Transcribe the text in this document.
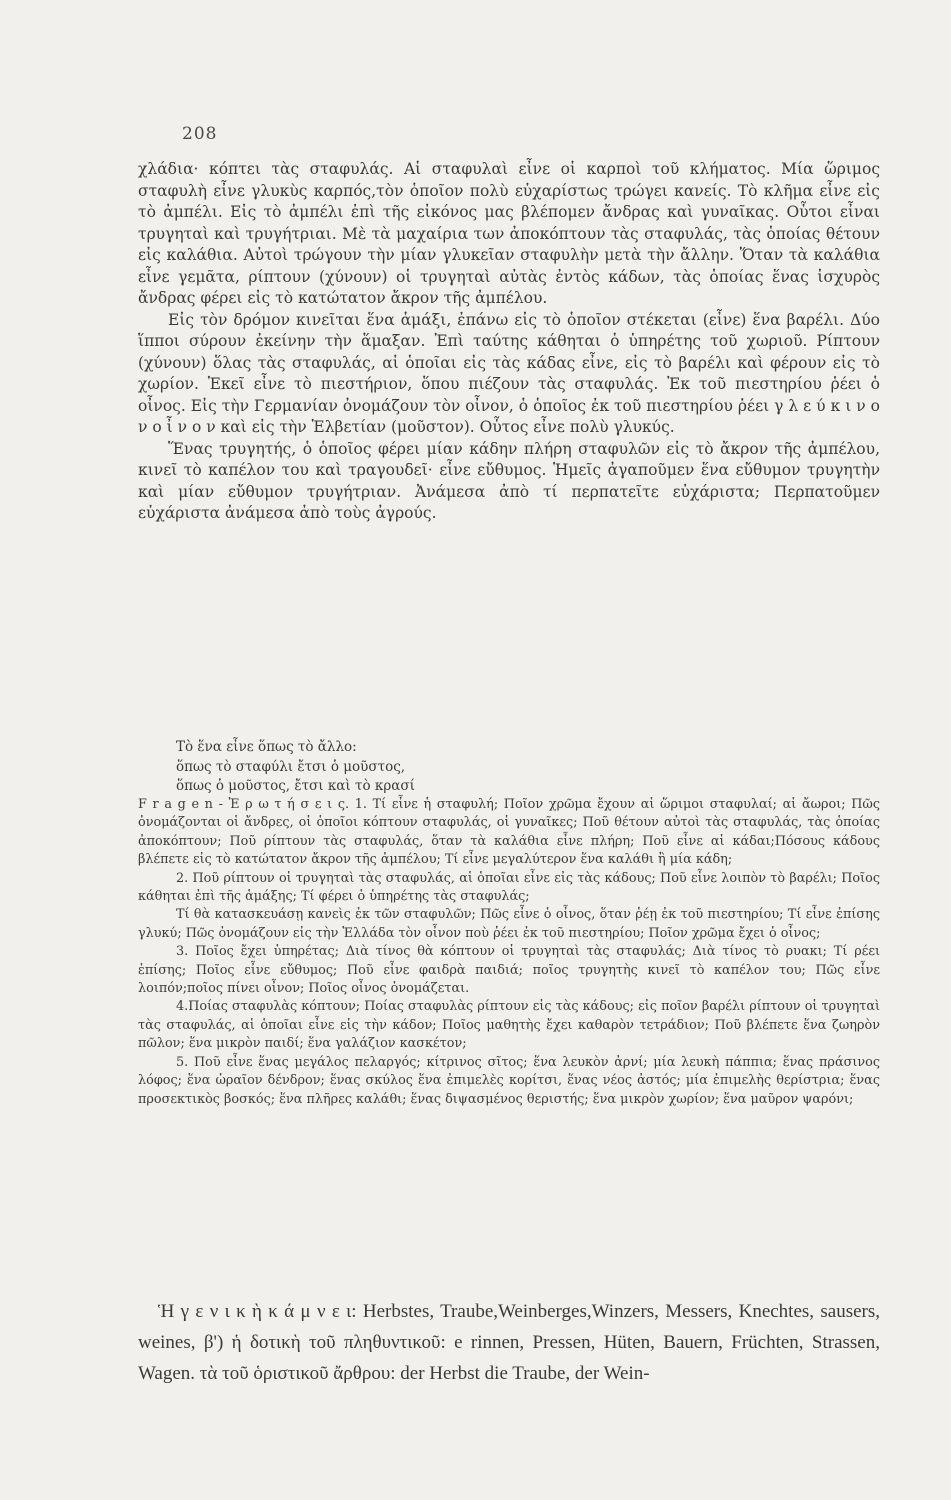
208

χλάδια· κόπτει τὰς σταφυλάς. Αἱ σταφυλαὶ εἶνε οἱ καρποὶ τοῦ κλήματος. Μία ὥριμος σταφυλὴ εἶνε γλυκὺς καρπός,τὸν ὁποῖον πολὺ εὐχαρίστως τρώγει κανείς. Τὸ κλῆμα εἶνε εἰς τὸ ἀμπέλι. Εἰς τὸ ἀμπέλι ἐπὶ τῆς εἰκόνος μας βλέπομεν ἄνδρας καὶ γυναῖκας. Οὗτοι εἶναι τρυγηταὶ καὶ τρυγήτριαι. Μὲ τὰ μαχαίρια των ἀποκόπτουν τὰς σταφυλάς, τὰς ὁποίας θέτουν εἰς καλάθια. Αὐτοὶ τρώγουν τὴν μίαν γλυκεῖαν σταφυλὴν μετὰ τὴν ἄλλην. Ὅταν τὰ καλάθια εἶνε γεμᾶτα, ρίπτουν (χύνουν) οἱ τρυγηταὶ αὐτὰς ἐντὸς κάδων, τὰς ὁποίας ἕνας ἰσχυρὸς ἄνδρας φέρει εἰς τὸ κατώτατον ἄκρον τῆς ἀμπέλου.

Εἰς τὸν δρόμον κινεῖται ἕνα ἁμάξι, ἐπάνω εἰς τὸ ὁποῖον στέκεται (εἶνε) ἕνα βαρέλι. Δύο ἵπποι σύρουν ἐκείνην τὴν ἅμαξαν. Ἐπὶ ταύτης κάθηται ὁ ὑπηρέτης τοῦ χωριοῦ. Ρίπτουν (χύνουν) ὅλας τὰς σταφυλάς, αἱ ὁποῖαι εἰς τὰς κάδας εἶνε, εἰς τὸ βαρέλι καὶ φέρουν εἰς τὸ χωρίον. Ἐκεῖ εἶνε τὸ πιεστήριον, ὅπου πιέζουν τὰς σταφυλάς. Ἐκ τοῦ πιεστηρίου ῥέει ὁ οἶνος. Εἰς τὴν Γερμανίαν ὀνομάζουν τὸν οἶνον, ὁ ὁποῖος ἐκ τοῦ πιεστηρίου ῥέει γ λ ε ύ κ ι ν ο ν ο ἶ ν ο ν καὶ εἰς τὴν Ἑλβετίαν (μοῦστον). Οὗτος εἶνε πολὺ γλυκύς.

Ἕνας τρυγητής, ὁ ὁποῖος φέρει μίαν κάδην πλήρη σταφυλῶν εἰς τὸ ἄκρον τῆς ἀμπέλου, κινεῖ τὸ καπέλον του καὶ τραγουδεῖ· εἶνε εὔθυμος. Ἡμεῖς ἀγαποῦμεν ἕνα εὔθυμον τρυγητὴν καὶ μίαν εὔθυμον τρυγήτριαν. Ἀνάμεσα ἀπὸ τί περπατεῖτε εὐχάριστα; Περπατοῦμεν εὐχάριστα ἀνάμεσα ἀπὸ τοὺς ἀγρούς.

Τὸ ἕνα εἶνε ὅπως τὸ ἄλλο:
ὅπως τὸ σταφύλι ἔτσι ὁ μοῦστος,
ὅπως ὁ μοῦστος, ἔτσι καὶ τὸ κρασί

F r a g e n - Ἐ ρ ω τ ή σ ε ι ς. 1. Τί εἶνε ἡ σταφυλή; Ποῖον χρῶμα ἔχουν αἱ ὥριμοι σταφυλαί; αἱ ἄωροι; Πῶς ὀνομάζονται οἱ ἄνδρες, οἱ ὁποῖοι κόπτουν σταφυλάς, οἱ γυναῖκες; Ποῦ θέτουν αὐτοὶ τὰς σταφυλάς, τὰς ὁποίας ἀποκόπτουν; Ποῦ ρίπτουν τὰς σταφυλάς, ὅταν τὰ καλάθια εἶνε πλήρη; Ποῦ εἶνε αἱ κάδαι;Πόσους κάδους βλέπετε εἰς τὸ κατώτατον ἄκρον τῆς ἀμπέλου; Τί εἶνε μεγαλύτερον ἕνα καλάθι ἢ μία κάδη;

2. Ποῦ ρίπτουν οἱ τρυγηταὶ τὰς σταφυλάς, αἱ ὁποῖαι εἶνε εἰς τὰς κάδους; Ποῦ εἶνε λοιπὸν τὸ βαρέλι; Ποῖος κάθηται ἐπὶ τῆς ἁμάξης; Τί φέρει ὁ ὑπηρέτης τὰς σταφυλάς;

Τί θὰ κατασκευάσῃ κανεὶς ἐκ τῶν σταφυλῶν; Πῶς εἶνε ὁ οἶνος, ὅταν ῥέῃ ἐκ τοῦ πιεστηρίου; Τί εἶνε ἐπίσης γλυκύ; Πῶς ὀνομάζουν εἰς τὴν Ἑλλάδα τὸν οἶνον ποὺ ῥέει ἐκ τοῦ πιεστηρίου; Ποῖον χρῶμα ἔχει ὁ οἶνος;

3. Ποῖος ἔχει ὑπηρέτας; Διὰ τίνος θὰ κόπτουν οἱ τρυγηταὶ τὰς σταφυλάς; Διὰ τίνος τὸ ρυακι; Τί ρέει ἐπίσης; Ποῖος εἶνε εὔθυμος; Ποῦ εἶνε φαιδρὰ παιδιά; ποῖος τρυγητὴς κινεῖ τὸ καπέλον του; Πῶς εἶνε λοιπόν;ποῖος πίνει οἶνον; Ποῖος οἶνος ὀνομάζεται.

4.Ποίας σταφυλὰς κόπτουν; Ποίας σταφυλὰς ρίπτουν εἰς τὰς κάδους; εἰς ποῖον βαρέλι ρίπτουν οἱ τρυγηταὶ τὰς σταφυλάς, αἱ ὁποῖαι εἶνε εἰς τὴν κάδον; Ποῖος μαθητὴς ἔχει καθαρὸν τετράδιον; Ποῦ βλέπετε ἕνα ζωηρὸν πῶλον; ἕνα μικρὸν παιδί; ἕνα γαλάζιον κασκέτον;

5. Ποῦ εἶνε ἕνας μεγάλος πελαργός; κίτρινος σῖτος; ἕνα λευκὸν ἀρνί; μία λευκὴ πάππια; ἕνας πράσινος λόφος; ἕνα ὡραῖον δένδρον; ἕνας σκύλος ἕνα ἐπιμελὲς κορίτσι, ἕνας νέος ἀστός; μία ἐπιμελὴς θερίστρια; ἕνας προσεκτικὸς βοσκός; ἕνα πλῆρες καλάθι; ἕνας διψασμένος θεριστής; ἕνα μικρὸν χωρίον; ἕνα μαῦρον ψαρόνι;

Ἡ γ ε ν ι κ ὴ κ ά μ ν ε ι: Herbstes, Traube,Weinberges,Winzers, Messers, Knechtes, sausers, weines, β') ἡ δοτικὴ τοῦ πληθυντικοῦ: e rinnen, Pressen, Hüten, Bauern, Früchten, Strassen, Wagen. τὰ τοῦ ὁριστικοῦ ἄρθρου: der Herbst die Traube, der Wein-
